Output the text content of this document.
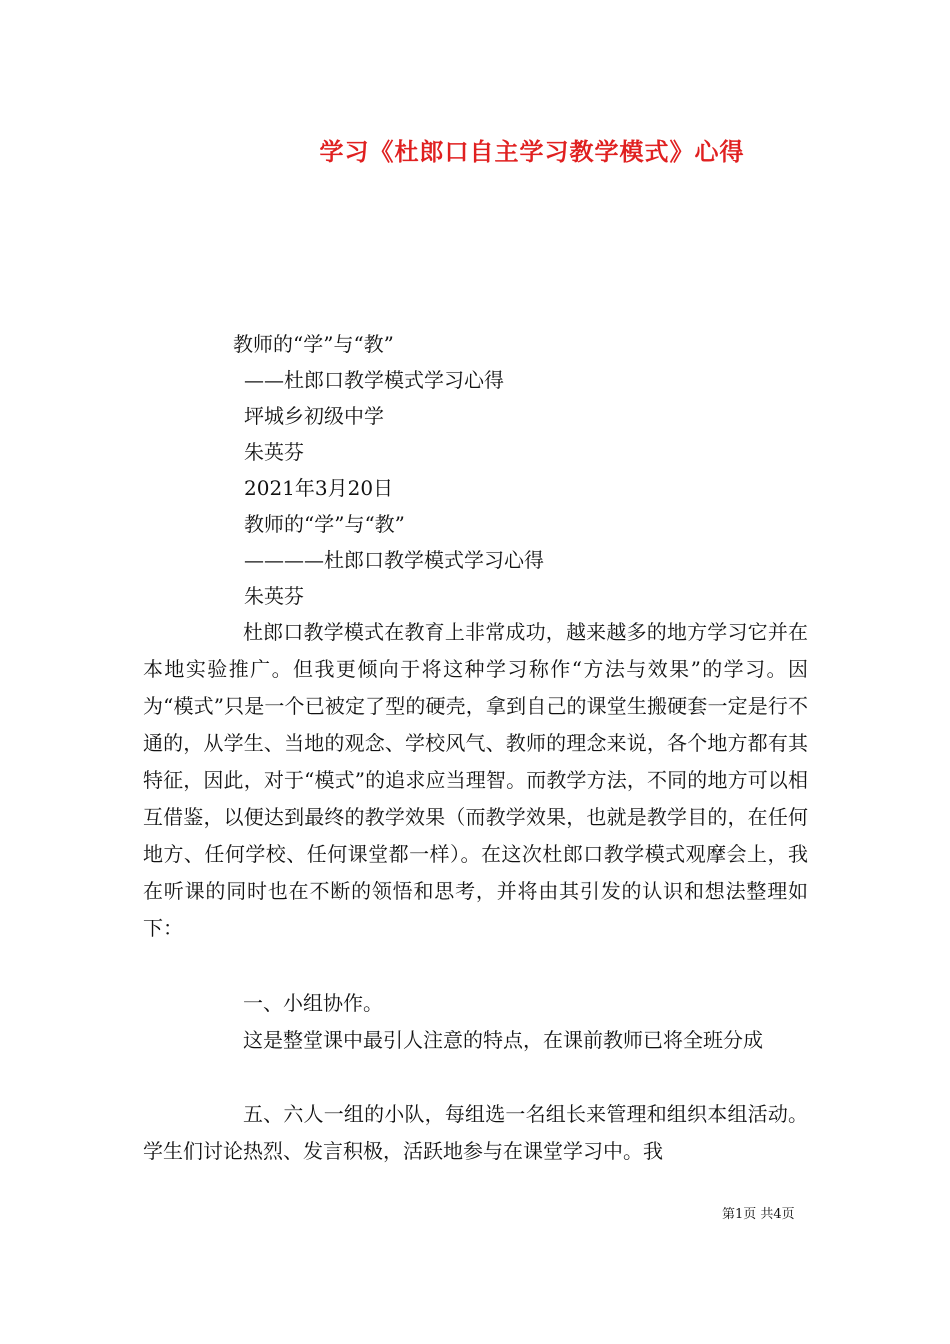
学习《杜郎口自主学习教学模式》心得
教师的“学”与“教”
——杜郎口教学模式学习心得
坪城乡初级中学
朱英芬
2021年3月20日
教师的“学”与“教”
————杜郎口教学模式学习心得
朱英芬
杜郎口教学模式在教育上非常成功，越来越多的地方学习它并在本地实验推广。但我更倾向于将这种学习称作“方法与效果”的学习。因为“模式”只是一个已被定了型的硬壳，拿到自己的课堂生搬硬套一定是行不通的，从学生、当地的观念、学校风气、教师的理念来说，各个地方都有其特征，因此，对于“模式”的追求应当理智。而教学方法，不同的地方可以相互借鉴，以便达到最终的教学效果（而教学效果，也就是教学目的，在任何地方、任何学校、任何课堂都一样）。在这次杜郎口教学模式观摩会上，我在听课的同时也在不断的领悟和思考，并将由其引发的认识和想法整理如下：
一、小组协作。
这是整堂课中最引人注意的特点，在课前教师已将全班分成
五、六人一组的小队，每组选一名组长来管理和组织本组活动。学生们讨论热烈、发言积极，活跃地参与在课堂学习中。我
第1页 共4页
